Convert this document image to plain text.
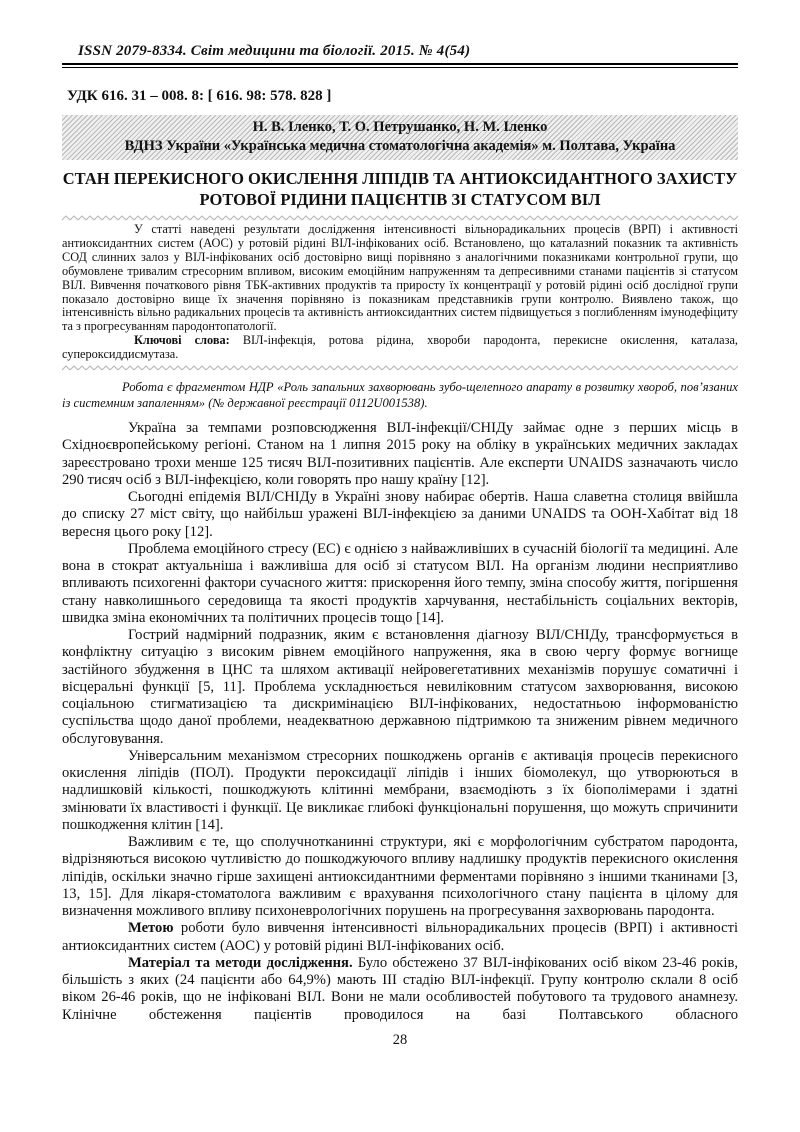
ISSN 2079-8334. Світ медицини та біології. 2015. № 4(54)
УДК 616. 31 – 008. 8: [ 616. 98: 578. 828 ]
Н. В. Іленко, Т. О. Петрушанко, Н. М. Іленко
ВДНЗ України «Українська медична стоматологічна академія» м. Полтава, Україна
СТАН ПЕРЕКИСНОГО ОКИСЛЕННЯ ЛІПІДІВ ТА АНТИОКСИДАНТНОГО ЗАХИСТУ
РОТОВОЇ РІДИНИ ПАЦІЄНТІВ ЗІ СТАТУСОМ ВІЛ

У статті наведені результати дослідження інтенсивності вільнорадикальних процесів (ВРП) і активності антиоксидантних систем (АОС) у ротовій рідині ВІЛ-інфікованих осіб. Встановлено, що каталазний показник та активність СОД слинних залоз у ВІЛ-інфікованих осіб достовірно вищі порівняно з аналогічними показниками контрольної групи, що обумовлене тривалим стресорним впливом, високим емоційним напруженням та депресивними станами пацієнтів зі статусом ВІЛ. Вивчення початкового рівня ТБК-активних продуктів та приросту їх концентрації у ротовій рідині осіб дослідної групи показало достовірно вище їх значення порівняно із показникам представників групи контролю. Виявлено також, що інтенсивність вільно радикальних процесів та активність антиоксидантних систем підвищується з поглибленням імунодефіциту та з прогресуванням пародонтопатології.

Ключові слова: ВІЛ-інфекція, ротова рідина, хвороби пародонта, перекисне окислення, каталаза, супероксиддисмутаза.

Робота є фрагментом НДР «Роль запальних захворювань зубо-щелепного апарату в розвитку хвороб, пов’язаних із системним запаленням» (№ державної реєстрації 0112U001538).

Україна за темпами розповсюдження ВІЛ-інфекції/СНІДу займає одне з перших місць в Східноєвропейському регіоні. Станом на 1 липня 2015 року на обліку в українських медичних закладах зареєстровано трохи менше 125 тисяч ВІЛ-позитивних пацієнтів. Але експерти UNAIDS зазначають число 290 тисяч осіб з ВІЛ-інфекцією, коли говорять про нашу країну [12].

Сьогодні епідемія ВІЛ/СНІДу в Україні знову набирає обертів. Наша славетна столиця ввійшла до списку 27 міст світу, що найбільш уражені ВІЛ-інфекцією за даними UNAIDS та ООН-Хабітат від 18 вересня цього року [12].

Проблема емоційного стресу (ЕС) є однією з найважливіших в сучасній біології та медицині. Але вона в стократ актуальніша і важливіша для осіб зі статусом ВІЛ. На організм людини несприятливо впливають психогенні фактори сучасного життя: прискорення його темпу, зміна способу життя, погіршення стану навколишнього середовища та якості продуктів харчування, нестабільність соціальних векторів, швидка зміна економічних та політичних процесів тощо [14].

Гострий надмірний подразник, яким є встановлення діагнозу ВІЛ/СНІДу, трансформується в конфліктну ситуацію з високим рівнем емоційного напруження, яка в свою чергу формує вогнище застійного збудження в ЦНС та шляхом активації нейровегетативних механізмів порушує соматичні і вісцеральні функції [5, 11]. Проблема ускладнюється невиліковним статусом захворювання, високою соціальною стигматизацією та дискримінацією ВІЛ-інфікованих, недостатньою інформованістю суспільства щодо даної проблеми, неадекватною державною підтримкою та зниженим рівнем медичного обслуговування.

Універсальним механізмом стресорних пошкоджень органів є активація процесів перекисного окислення ліпідів (ПОЛ). Продукти пероксидації ліпідів і інших біомолекул, що утворюються в надлишковій кількості, пошкоджують клітинні мембрани, взаємодіють з їх біополімерами і здатні змінювати їх властивості і функції. Це викликає глибокі функціональні порушення, що можуть спричинити пошкодження клітин [14].

Важливим є те, що сполучнотканинні структури, які є морфологічним субстратом пародонта, відрізняються високою чутливістю до пошкоджуючого впливу надлишку продуктів перекисного окислення ліпідів, оскільки значно гірше захищені антиоксидантними ферментами порівняно з іншими тканинами [3, 13, 15]. Для лікаря-стоматолога важливим є врахування психологічного стану пацієнта в цілому для визначення можливого впливу психоневрологічних порушень на прогресування захворювань пародонта.

Метою роботи було вивчення інтенсивності вільнорадикальних процесів (ВРП) і активності антиоксидантних систем (АОС) у ротовій рідині ВІЛ-інфікованих осіб.

Матеріал та методи дослідження. Було обстежено 37 ВІЛ-інфікованих осіб віком 23-46 років, більшість з яких (24 пацієнти або 64,9%) мають ІІІ стадію ВІЛ-інфекції. Групу контролю склали 8 осіб віком 26-46 років, що не інфіковані ВІЛ. Вони не мали особливостей побутового та трудового анамнезу. Клінічне обстеження пацієнтів проводилося на базі Полтавського обласного

28
